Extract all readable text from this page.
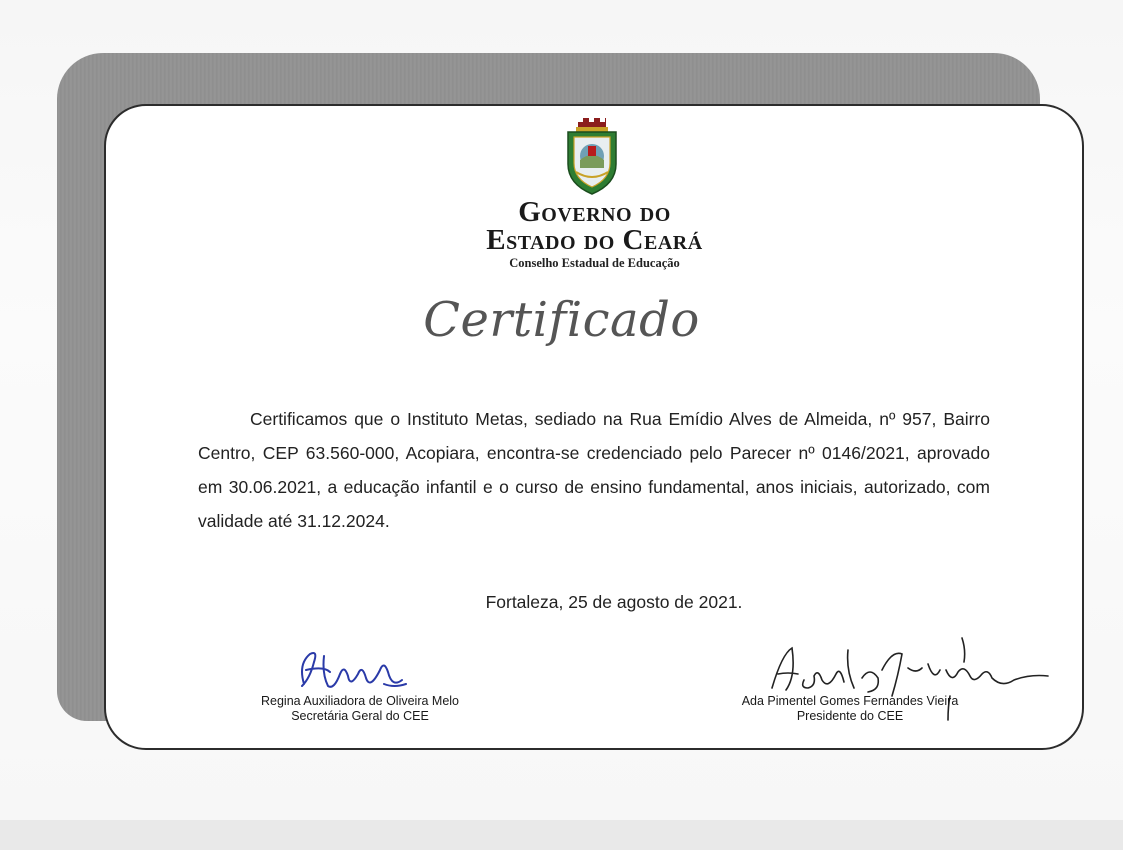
Governo do
Estado do Ceará
Conselho Estadual de Educação
Certificado
Certificamos que o Instituto Metas, sediado na Rua Emídio Alves de Almeida, nº 957, Bairro Centro, CEP 63.560-000, Acopiara, encontra-se credenciado pelo Parecer nº 0146/2021, aprovado em 30.06.2021, a educação infantil e o curso de ensino fundamental, anos iniciais, autorizado, com validade até 31.12.2024.
Fortaleza, 25 de agosto de 2021.
Regina Auxiliadora de Oliveira Melo
Secretária Geral do CEE
Ada Pimentel Gomes Fernandes Vieira
Presidente do CEE
